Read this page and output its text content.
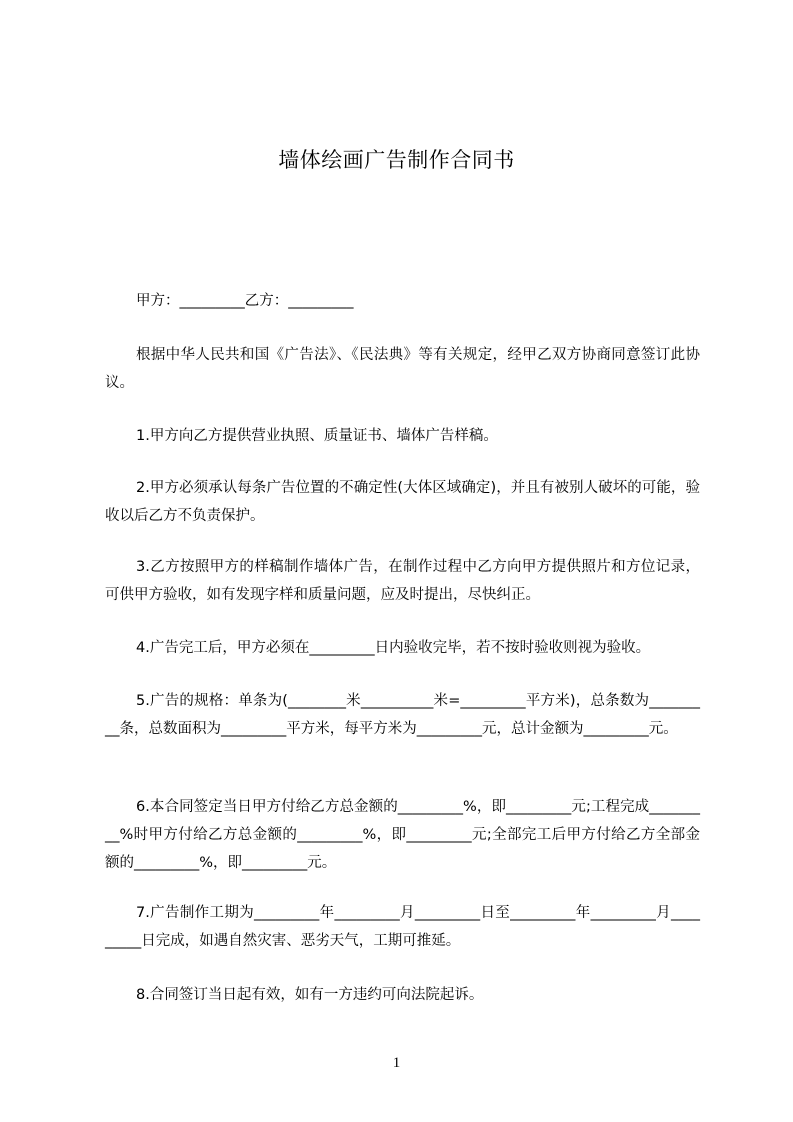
墙体绘画广告制作合同书
甲方：_________乙方：_________
根据中华人民共和国《广告法》、《民法典》等有关规定，经甲乙双方协商同意签订此协议。
1.甲方向乙方提供营业执照、质量证书、墙体广告样稿。
2.甲方必须承认每条广告位置的不确定性(大体区域确定)，并且有被别人破坏的可能，验收以后乙方不负责保护。
3.乙方按照甲方的样稿制作墙体广告，在制作过程中乙方向甲方提供照片和方位记录，可供甲方验收，如有发现字样和质量问题，应及时提出，尽快纠正。
4.广告完工后，甲方必须在_________日内验收完毕，若不按时验收则视为验收。
5.广告的规格：单条为(________米__________米=_________平方米)，总条数为_________条，总数面积为_________平方米，每平方米为_________元，总计金额为_________元。
6.本合同签定当日甲方付给乙方总金额的_________%，即_________元;工程完成_________%时甲方付给乙方总金额的_________%，即_________元;全部完工后甲方付给乙方全部金额的_________%，即_________元。
7.广告制作工期为_________年_________月_________日至_________年_________月_________日完成，如遇自然灾害、恶劣天气，工期可推延。
8.合同签订当日起有效，如有一方违约可向法院起诉。
1
